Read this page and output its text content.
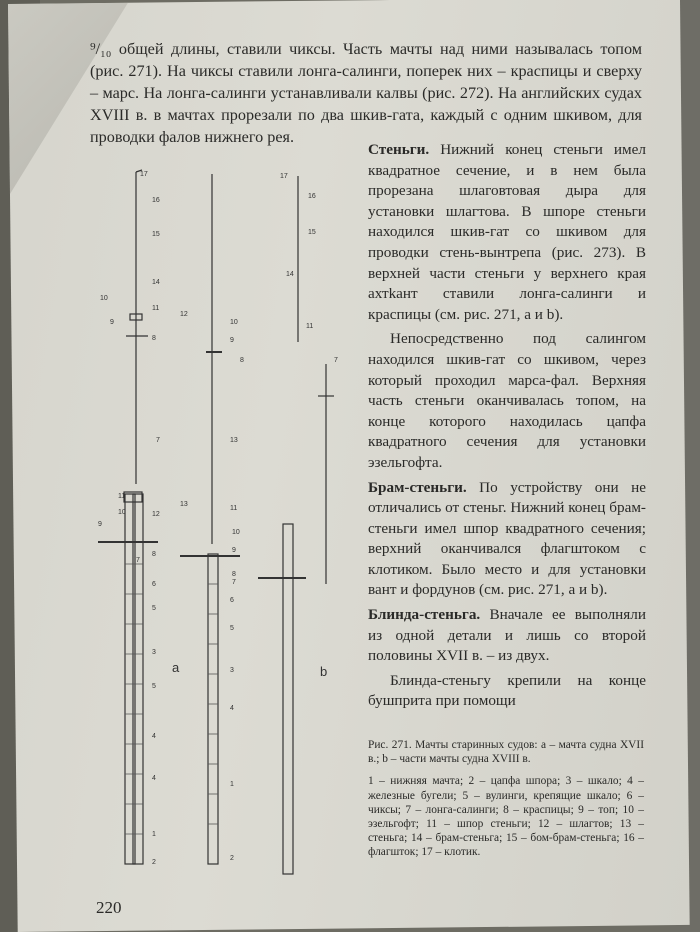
⁹/₁₀ общей длины, ставили чиксы. Часть мачты над ними называлась топом (рис. 271). На чиксы ставили лонга-салинги, поперек них – краспицы и сверху – марс. На лонга-салинги устанавливали калвы (рис. 272). На английских судах XVIII в. в мачтах прорезали по два шкив-гата, каждый с одним шкивом, для проводки фалов нижнего рея.

Стеньги. Нижний конец стеньги имел квадратное сечение, и в нем была прорезана шлаговтовая дыра для установки шлагтова. В шпоре стеньги находился шкив-гат со шкивом для проводки стень-вынтрепа (рис. 273). В верхней части стеньги у верхнего края ахтkант ставили лонга-салинги и краспицы (см. рис. 271, a и b).

Непосредственно под салингом находился шкив-гат со шкивом, через который проходил марса-фал. Верхняя часть стеньги оканчивалась топом, на конце которого находилась цапфа квадратного сечения для установки эзельгофта.

Брам-стеньги. По устройству они не отличались от стеньг. Нижний конец брам-стеньги имел шпор квадратного сечения; верхний оканчивался флагштоком с клотиком. Было место и для установки вант и фордунов (см. рис. 271, a и b).

Блинда-стеньга. Вначале ее выполняли из одной детали и лишь со второй половины XVII в. – из двух.

Блинда-стеньгу крепили на конце бушприта при помощи

Рис. 271. Мачты старинных судов: a – мачта судна XVII в.; b – части мачты судна XVIII в.

1 – нижняя мачта; 2 – цапфа шпора; 3 – шкало; 4 – железные бугели; 5 – вулинги, крепящие шкало; 6 – чиксы; 7 – лонга-салинги; 8 – краспицы; 9 – топ; 10 – эзельгофт; 11 – шпор стеньги; 12 – шлагтов; 13 – стеньга; 14 – брам-стеньга; 15 – бом-брам-стеньга; 16 – флагшток; 17 – клотик.

220
a	b
17
16
15
14
12
11
10
9
8
7
13
12
11
10
9
8
7
6
5
3
5
4
4
1
2
17
16
15
14
11
10
9
8	7
13
11
10
9
8
7
6
5
3
4
1
2
